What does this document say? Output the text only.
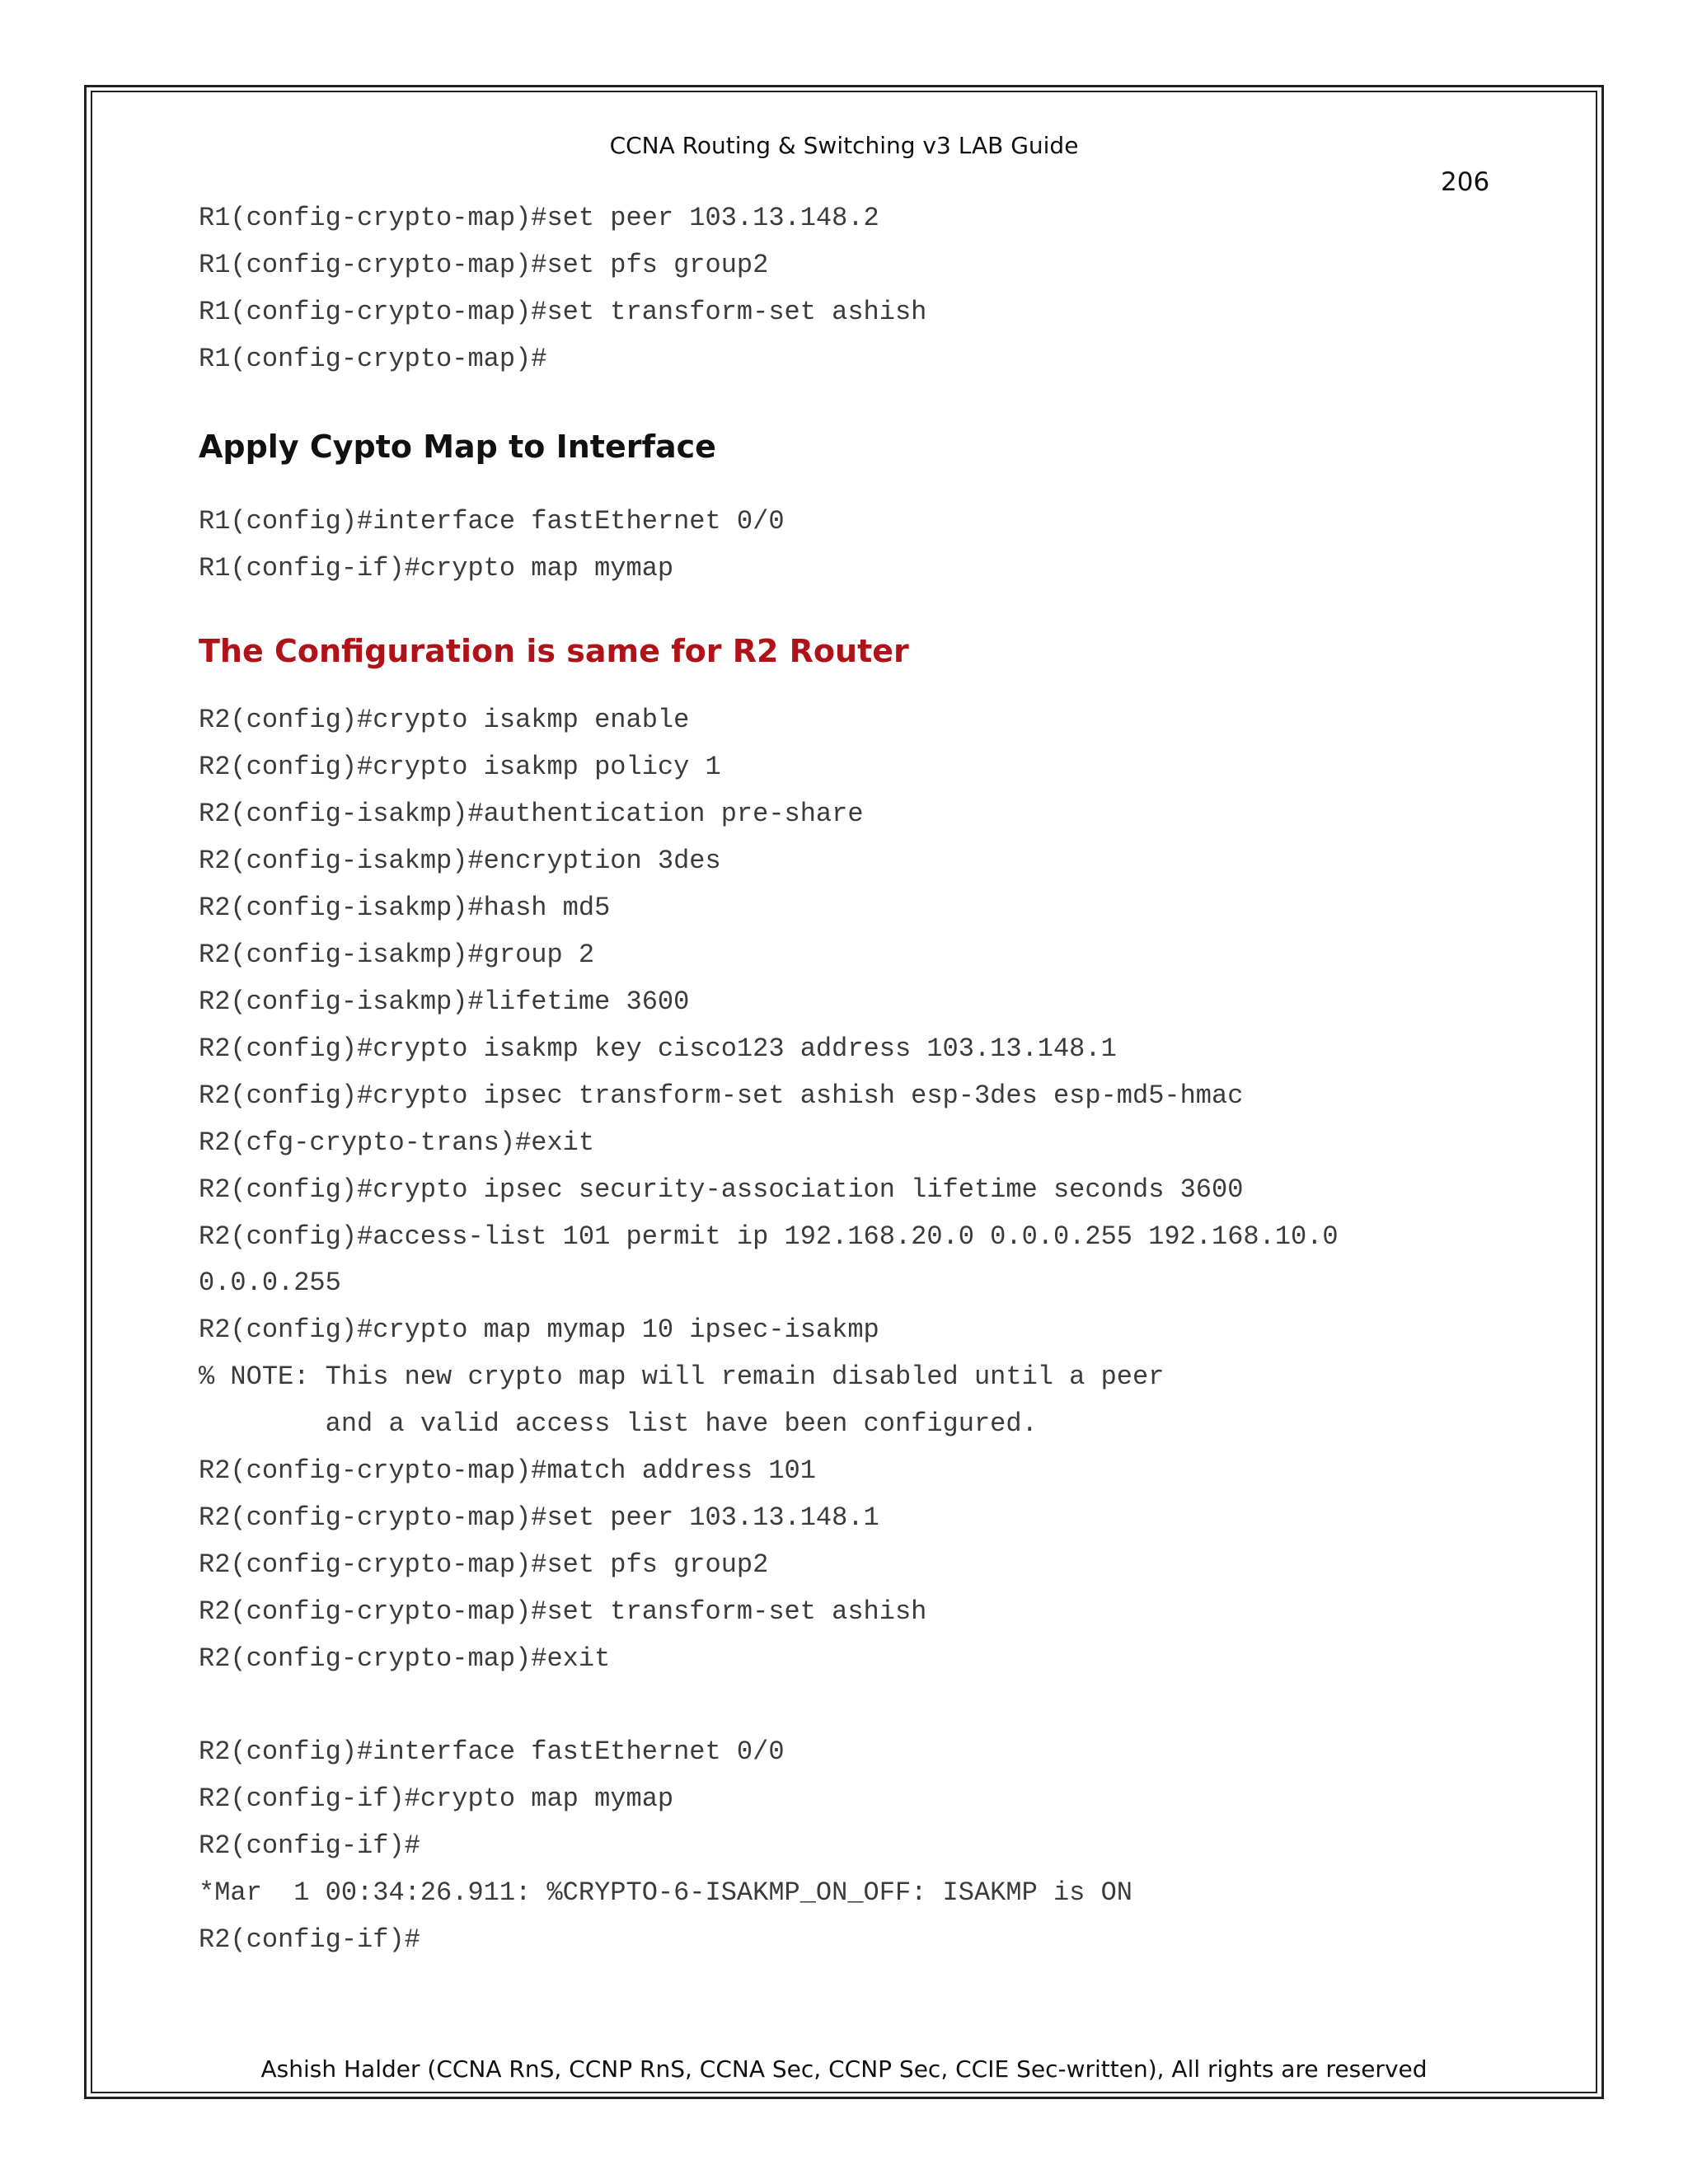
CCNA Routing & Switching v3 LAB Guide
206
R1(config-crypto-map)#set peer 103.13.148.2
R1(config-crypto-map)#set pfs group2
R1(config-crypto-map)#set transform-set ashish
R1(config-crypto-map)#
Apply Cypto Map to Interface
R1(config)#interface fastEthernet 0/0
R1(config-if)#crypto map mymap
The Configuration is same for R2 Router
R2(config)#crypto isakmp enable
R2(config)#crypto isakmp policy 1
R2(config-isakmp)#authentication pre-share
R2(config-isakmp)#encryption 3des
R2(config-isakmp)#hash md5
R2(config-isakmp)#group 2
R2(config-isakmp)#lifetime 3600
R2(config)#crypto isakmp key cisco123 address 103.13.148.1
R2(config)#crypto ipsec transform-set ashish esp-3des esp-md5-hmac
R2(cfg-crypto-trans)#exit
R2(config)#crypto ipsec security-association lifetime seconds 3600
R2(config)#access-list 101 permit ip 192.168.20.0 0.0.0.255 192.168.10.0
0.0.0.255
R2(config)#crypto map mymap 10 ipsec-isakmp
% NOTE: This new crypto map will remain disabled until a peer
and a valid access list have been configured.
R2(config-crypto-map)#match address 101
R2(config-crypto-map)#set peer 103.13.148.1
R2(config-crypto-map)#set pfs group2
R2(config-crypto-map)#set transform-set ashish
R2(config-crypto-map)#exit
R2(config)#interface fastEthernet 0/0
R2(config-if)#crypto map mymap
R2(config-if)#
*Mar  1 00:34:26.911: %CRYPTO-6-ISAKMP_ON_OFF: ISAKMP is ON
R2(config-if)#
Ashish Halder (CCNA RnS, CCNP RnS, CCNA Sec, CCNP Sec, CCIE Sec-written), All rights are reserved
